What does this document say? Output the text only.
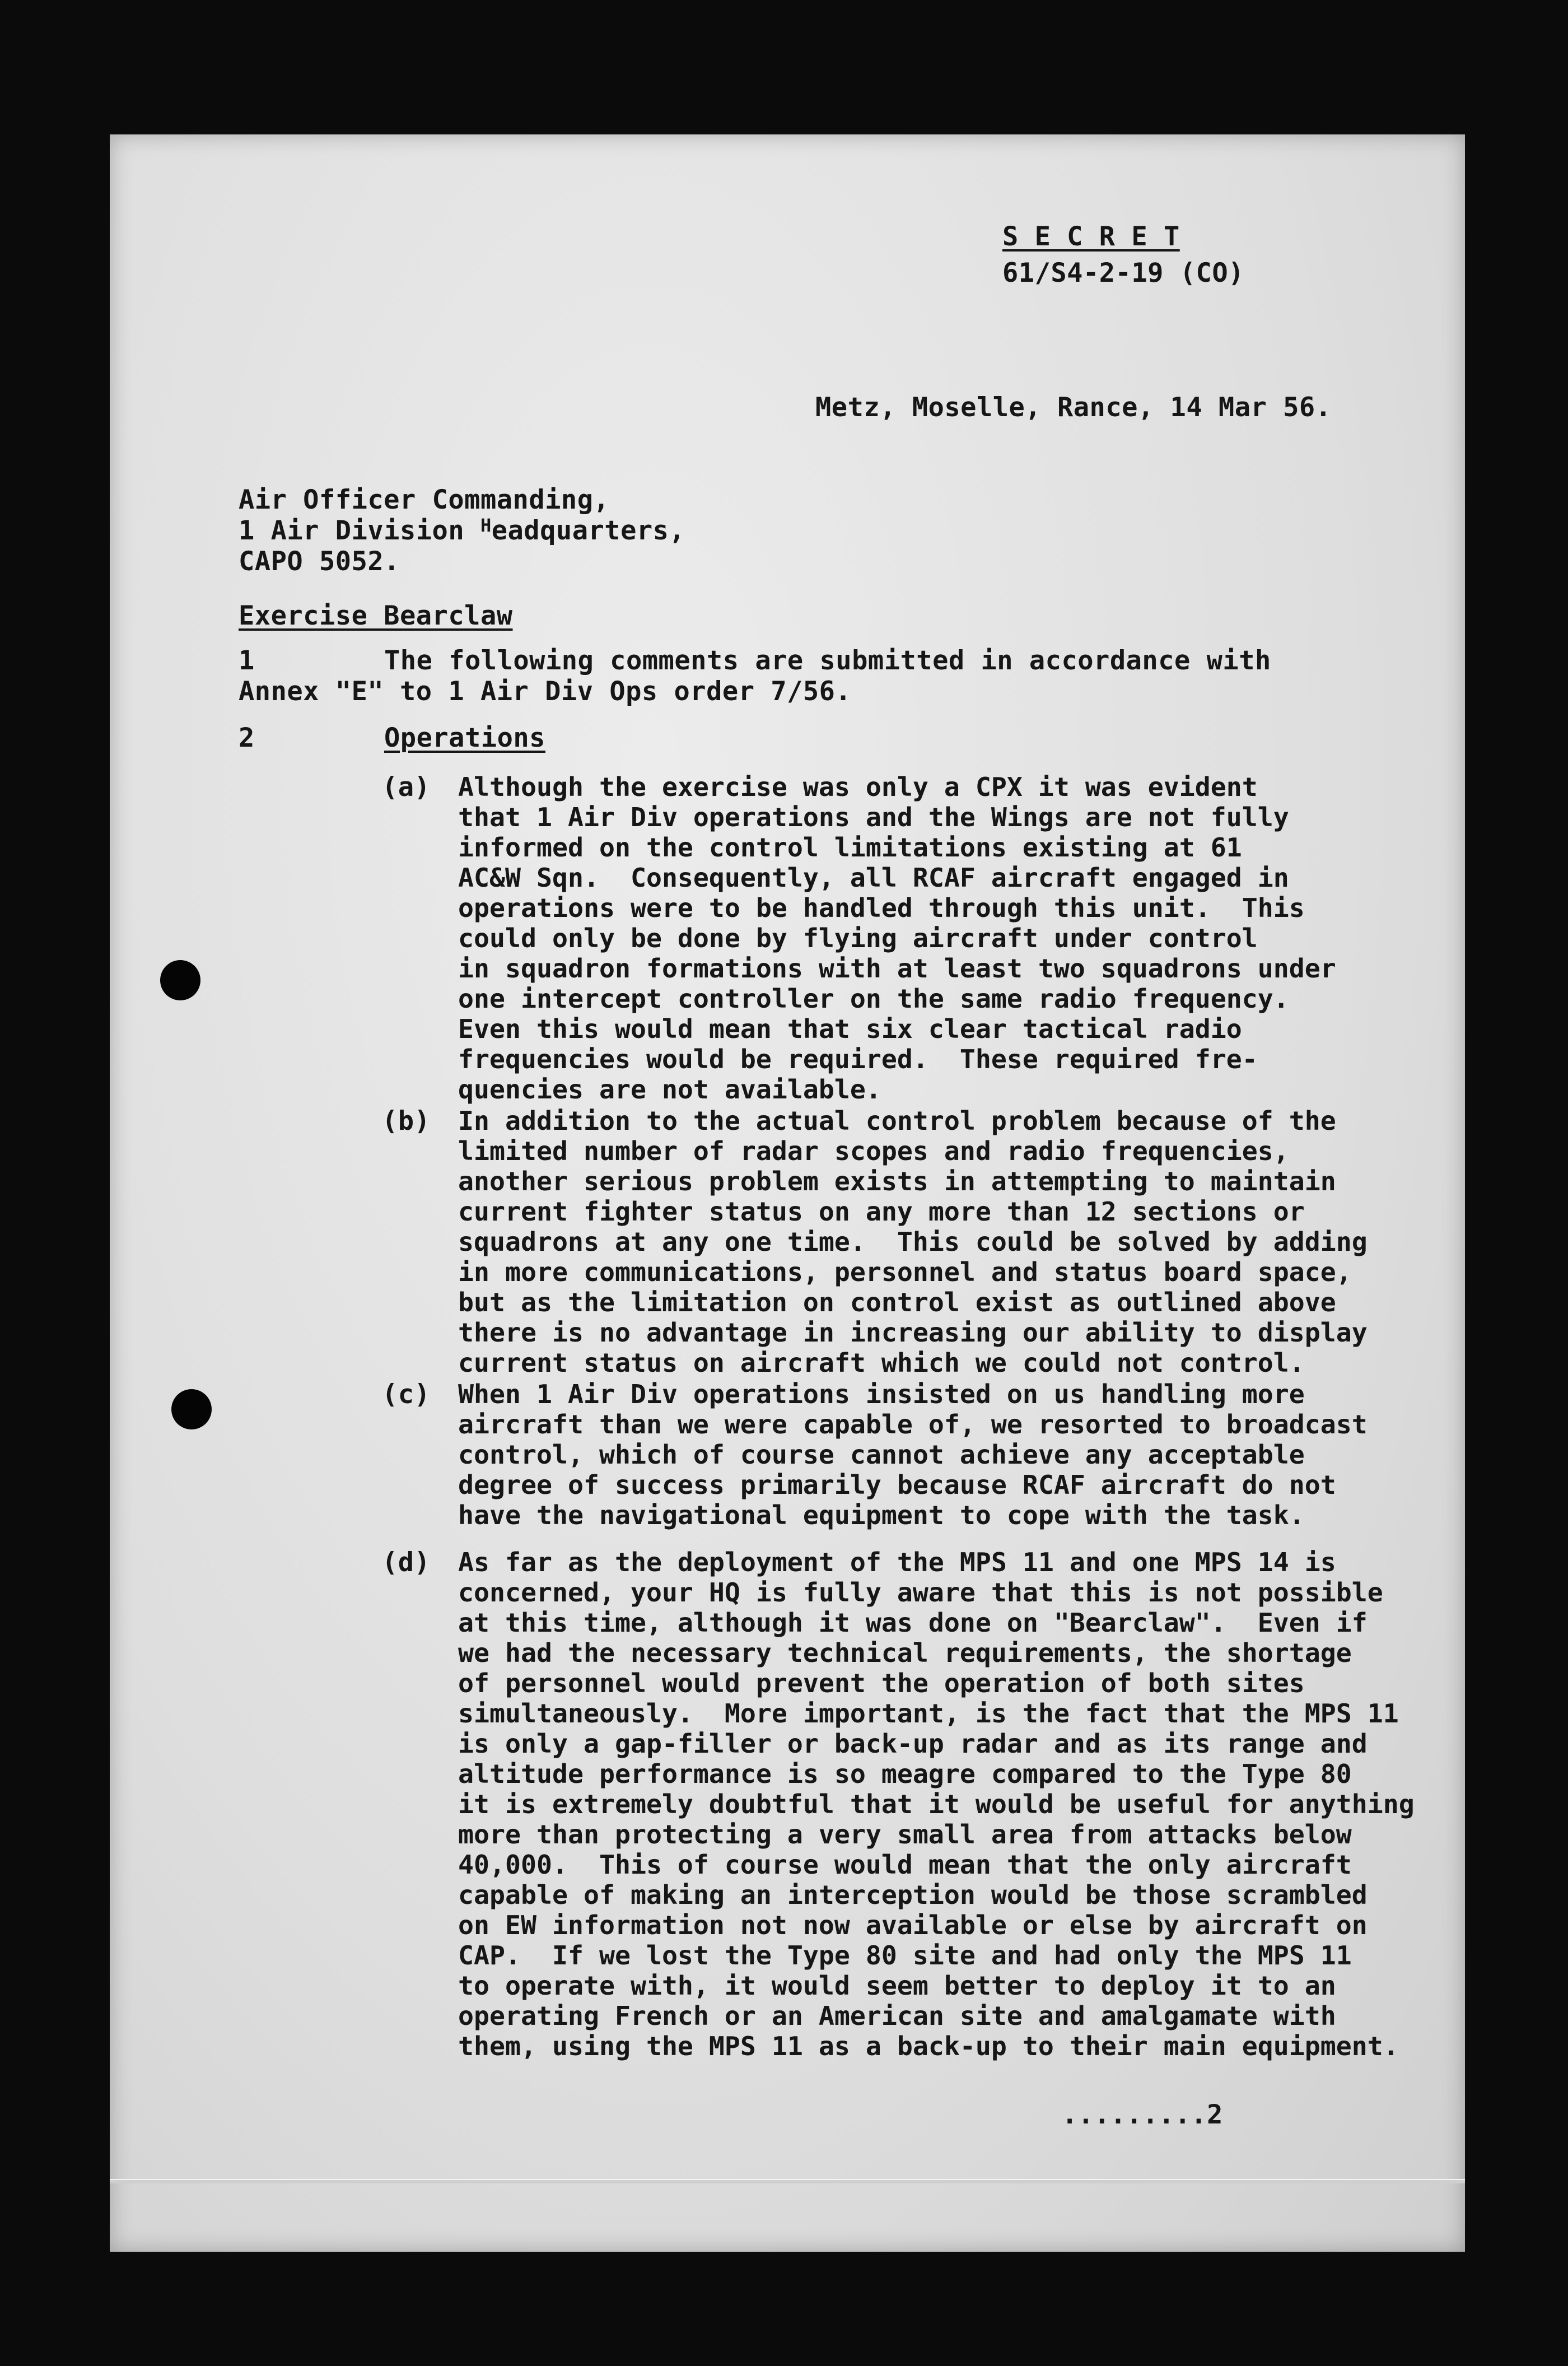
S E C R E T
61/S4-2-19 (CO)
Metz, Moselle, Rance, 14 Mar 56.
Air Officer Commanding,
1 Air Division $^H$eadquarters,
CAPO 5052.
Exercise Bearclaw
1	The following comments are submitted in accordance with
Annex "E" to 1 Air Div Ops order 7/56.
2	Operations
(a) Although the exercise was only a CPX it was evident
that 1 Air Div operations and the Wings are not fully
informed on the control limitations existing at 61
AC&W Sqn.  Consequently, all RCAF aircraft engaged in
operations were to be handled through this unit.  This
could only be done by flying aircraft under control
in squadron formations with at least two squadrons under
one intercept controller on the same radio frequency.
Even this would mean that six clear tactical radio
frequencies would be required.  These required fre-
quencies are not available.
(b) In addition to the actual control problem because of the
limited number of radar scopes and radio frequencies,
another serious problem exists in attempting to maintain
current fighter status on any more than 12 sections or
squadrons at any one time.  This could be solved by adding
in more communications, personnel and status board space,
but as the limitation on control exist as outlined above
there is no advantage in increasing our ability to display
current status on aircraft which we could not control.
(c) When 1 Air Div operations insisted on us handling more
aircraft than we were capable of, we resorted to broadcast
control, which of course cannot achieve any acceptable
degree of success primarily because RCAF aircraft do not
have the navigational equipment to cope with the task.
(d) As far as the deployment of the MPS 11 and one MPS 14 is
concerned, your HQ is fully aware that this is not possible
at this time, although it was done on "Bearclaw".  Even if
we had the necessary technical requirements, the shortage
of personnel would prevent the operation of both sites
simultaneously.  More important, is the fact that the MPS 11
is only a gap-filler or back-up radar and as its range and
altitude performance is so meagre compared to the Type 80
it is extremely doubtful that it would be useful for anything
more than protecting a very small area from attacks below
40,000.  This of course would mean that the only aircraft
capable of making an interception would be those scrambled
on EW information not now available or else by aircraft on
CAP.  If we lost the Type 80 site and had only the MPS 11
to operate with, it would seem better to deploy it to an
operating French or an American site and amalgamate with
them, using the MPS 11 as a back-up to their main equipment.
.........2
